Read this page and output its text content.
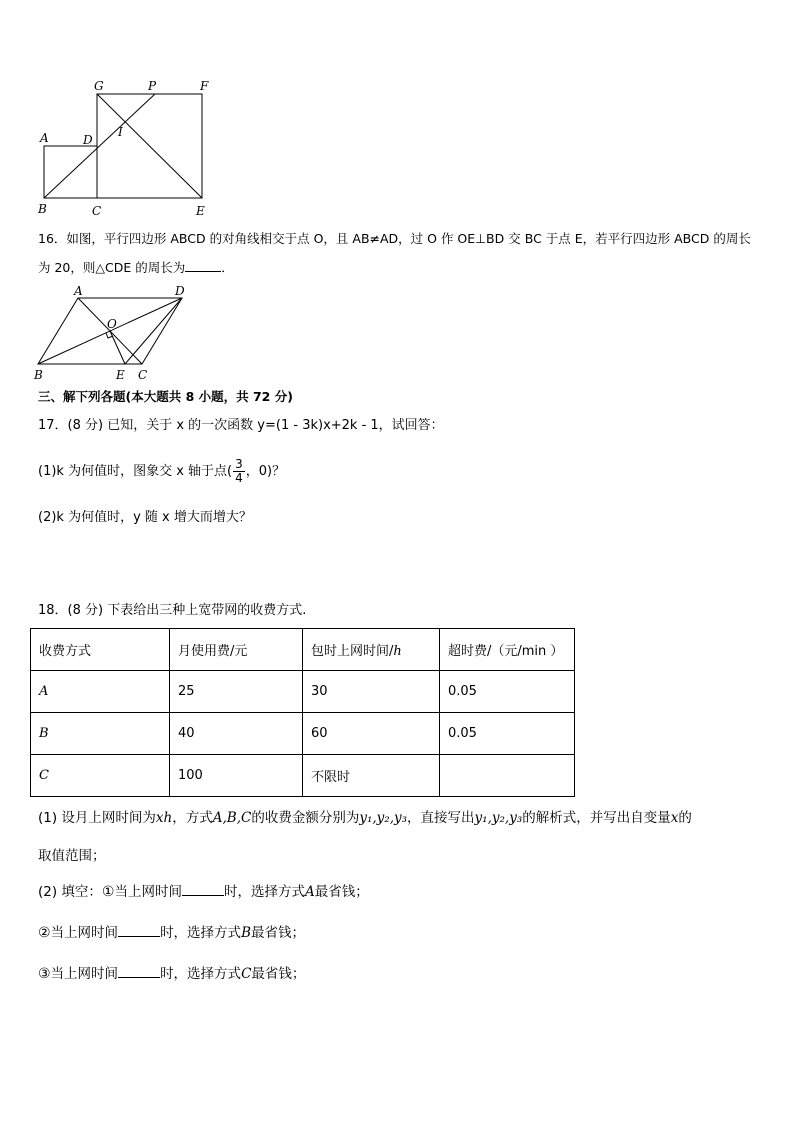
G	P	F
A	D
I
B	C	E
16．如图，平行四边形 ABCD 的对角线相交于点 O，且 AB≠AD，过 O 作 OE⊥BD 交 BC 于点 E，若平行四边形 ABCD 的周长
为 20，则△CDE 的周长为	．
A	D
O
B	E C
三、解下列各题(本大题共 8 小题，共 72 分)
17．(8 分) 已知，关于 x 的一次函数 y=(1 - 3k)x+2k - 1，试回答：
(1)k 为何值时，图象交 x 轴于点( $\frac{3}{4}$ ，0)？
(2)k 为何值时，y 随 x 增大而增大？
18．(8 分) 下表给出三种上宽带网的收费方式.
收费方式	月使用费/元	包时上网时间/h	超时费/（元/min ）
A	25	30	0.05
B	40	60	0.05
C	100	不限时	
(1) 设月上网时间为xh，方式A,B,C的收费金额分别为y₁,y₂,y₃，直接写出y₁,y₂,y₃的解析式，并写出自变量x的
取值范围；
(2) 填空：①当上网时间	时，选择方式A最省钱；
②当上网时间	时，选择方式B最省钱；
③当上网时间	时，选择方式C最省钱；
